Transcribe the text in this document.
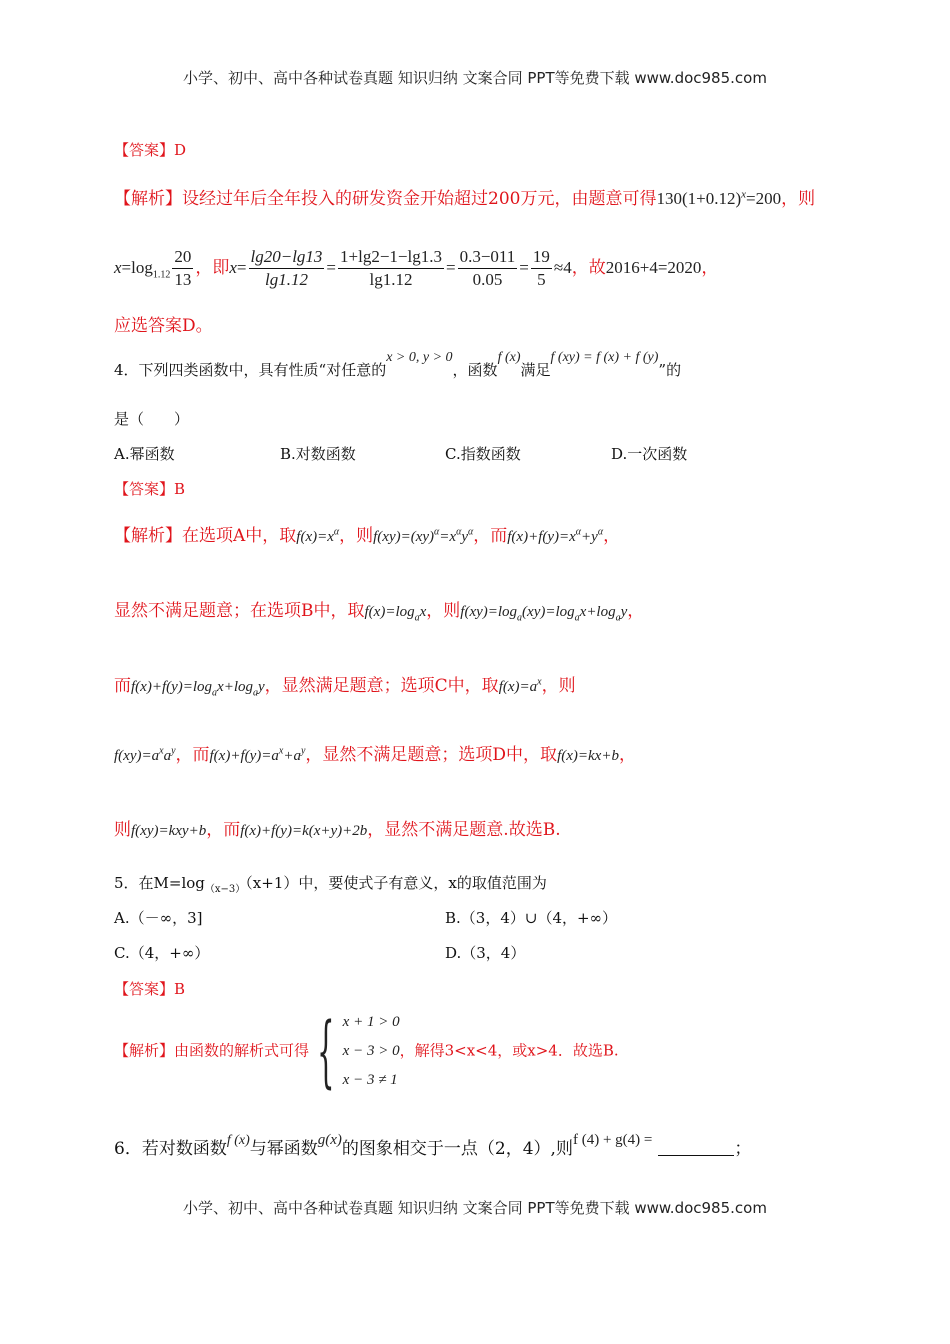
小学、初中、高中各种试卷真题 知识归纳 文案合同 PPT等免费下载 www.doc985.com
【答案】D
【解析】设经过年后全年投入的研发资金开始超过200万元，由题意可得$130(1+0.12)^x=200$，则
$x=\log_{1.12} \frac{20}{13}$ ，即$x= \frac{\lg 20-\lg 13}{\lg 1.12} = \frac{1+\lg 2-1-\lg 1.3}{\lg 1.12} = \frac{0.3-011}{0.05} = \frac{19}{5} \approx 4$，故2016+4=2020，
应选答案D。
4．下列四类函数中，具有性质“对任意的x > 0, y > 0，函数f (x)满足f (xy) = f (x) + f (y)”的
是（　　）
A.幂函数	B.对数函数	C.指数函数	D.一次函数
【答案】B
【解析】在选项A中，取$f(x)=x^\alpha$，则$f(xy)=(xy)^\alpha=x^\alpha y^\alpha$，而$f(x)+f(y)=x^\alpha+y^\alpha$，
显然不满足题意；在选项B中，取$f(x)=\log_ax$，则$f(xy)=\log_a(xy)=\log_ax+\log_ay$，
而$f(x)+f(y)=\log_ax+\log_ay$，显然满足题意；选项C中，取$f(x)=a^x$，则
$f(xy)=a^xa^y$，而$f(x)+f(y)=a^x+a^y$，显然不满足题意；选项D中，取f(x)=kx+b，
则f(xy)=kxy+b，而f(x)+f(y)=k(x+y)+2b，显然不满足题意.故选B.
5．在$M=\log_{(x-3)}(x+1)$中，要使式子有意义，x的取值范围为
A.（－∞，3]	B.（3，4）∪（4，+∞）
C.（4，+∞）	D.（3，4）
【答案】B
【解析】由函数的解析式可得 { x + 1 > 0
x − 3 > 0
x − 3 ≠ 1
，解得3<x<4，或x>4．故选B.
6．若对数函数f (x)与幂函数g(x)的图象相交于一点（2，4）,则f (4) + g(4) =	；
小学、初中、高中各种试卷真题 知识归纳 文案合同 PPT等免费下载 www.doc985.com
